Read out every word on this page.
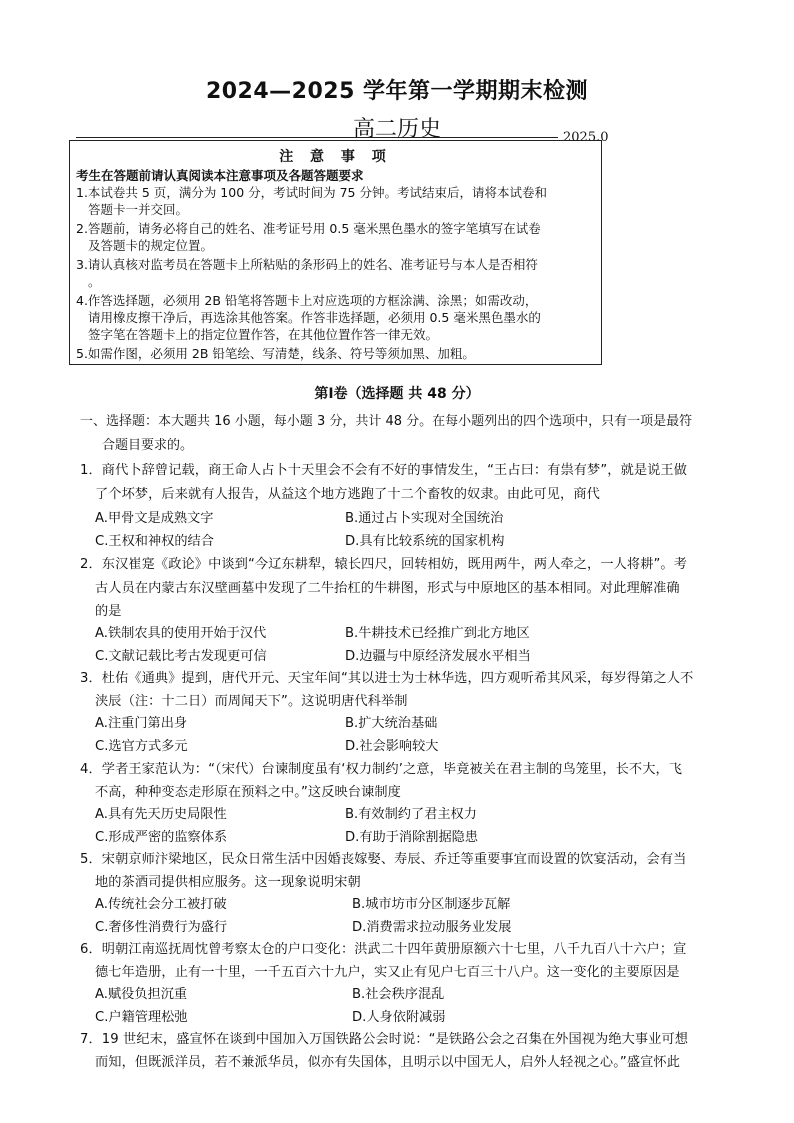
2024—2025 学年第一学期期末检测
高二历史	2025.0
注 意 事 项
考生在答题前请认真阅读本注意事项及各题答题要求
1.本试卷共 5 页，满分为 100 分，考试时间为 75 分钟。考试结束后，请将本试卷和
答题卡一并交回。
2.答题前，请务必将自己的姓名、准考证号用 0.5 毫米黑色墨水的签字笔填写在试卷
及答题卡的规定位置。
3.请认真核对监考员在答题卡上所粘贴的条形码上的姓名、准考证号与本人是否相符
。
4.作答选择题，必须用 2B 铅笔将答题卡上对应选项的方框涂满、涂黑；如需改动，
请用橡皮擦干净后，再选涂其他答案。作答非选择题，必须用 0.5 毫米黑色墨水的
签字笔在答题卡上的指定位置作答，在其他位置作答一律无效。
5.如需作图，必须用 2B 铅笔绘、写清楚，线条、符号等须加黑、加粗。
第Ⅰ卷（选择题 共 48 分）
一、选择题：本大题共 16 小题，每小题 3 分，共计 48 分。在每小题列出的四个选项中，只有一项是最符
合题目要求的。
1．商代卜辞曾记载，商王命人占卜十天里会不会有不好的事情发生，“王占曰：有祟有梦”，就是说王做
了个坏梦，后来就有人报告，从益这个地方逃跑了十二个畜牧的奴隶。由此可见，商代
A.甲骨文是成熟文字	B.通过占卜实现对全国统治
C.王权和神权的结合	D.具有比较系统的国家机构
2．东汉崔寔《政论》中谈到“今辽东耕犁，辕长四尺，回转相妨，既用两牛，两人牵之，一人将耕”。考
古人员在内蒙古东汉壁画墓中发现了二牛抬杠的牛耕图，形式与中原地区的基本相同。对此理解准确
的是
A.铁制农具的使用开始于汉代	B.牛耕技术已经推广到北方地区
C.文献记载比考古发现更可信	D.边疆与中原经济发展水平相当
3．杜佑《通典》提到，唐代开元、天宝年间“其以进士为士林华选，四方观听希其风采，每岁得第之人不
浃辰（注：十二日）而周闻天下”。这说明唐代科举制
A.注重门第出身	B.扩大统治基础
C.选官方式多元	D.社会影响较大
4．学者王家范认为：“（宋代）台谏制度虽有‘权力制约’之意，毕竟被关在君主制的鸟笼里，长不大，飞
不高，种种变态走形原在预料之中。”这反映台谏制度
A.具有先天历史局限性	B.有效制约了君主权力
C.形成严密的监察体系	D.有助于消除割据隐患
5．宋朝京师汴梁地区，民众日常生活中因婚丧嫁娶、寿辰、乔迁等重要事宜而设置的饮宴活动，会有当
地的茶酒司提供相应服务。这一现象说明宋朝
A.传统社会分工被打破	B.城市坊市分区制逐步瓦解
C.奢侈性消费行为盛行	D.消费需求拉动服务业发展
6．明朝江南巡抚周忱曾考察太仓的户口变化：洪武二十四年黄册原额六十七里，八千九百八十六户；宣
德七年造册，止有一十里，一千五百六十九户，实又止有见户七百三十八户。这一变化的主要原因是
A.赋役负担沉重	B.社会秩序混乱
C.户籍管理松弛	D.人身依附减弱
7．19 世纪末，盛宣怀在谈到中国加入万国铁路公会时说：“是铁路公会之召集在外国视为绝大事业可想
而知，但既派洋员，若不兼派华员，似亦有失国体，且明示以中国无人，启外人轻视之心。”盛宣怀此
